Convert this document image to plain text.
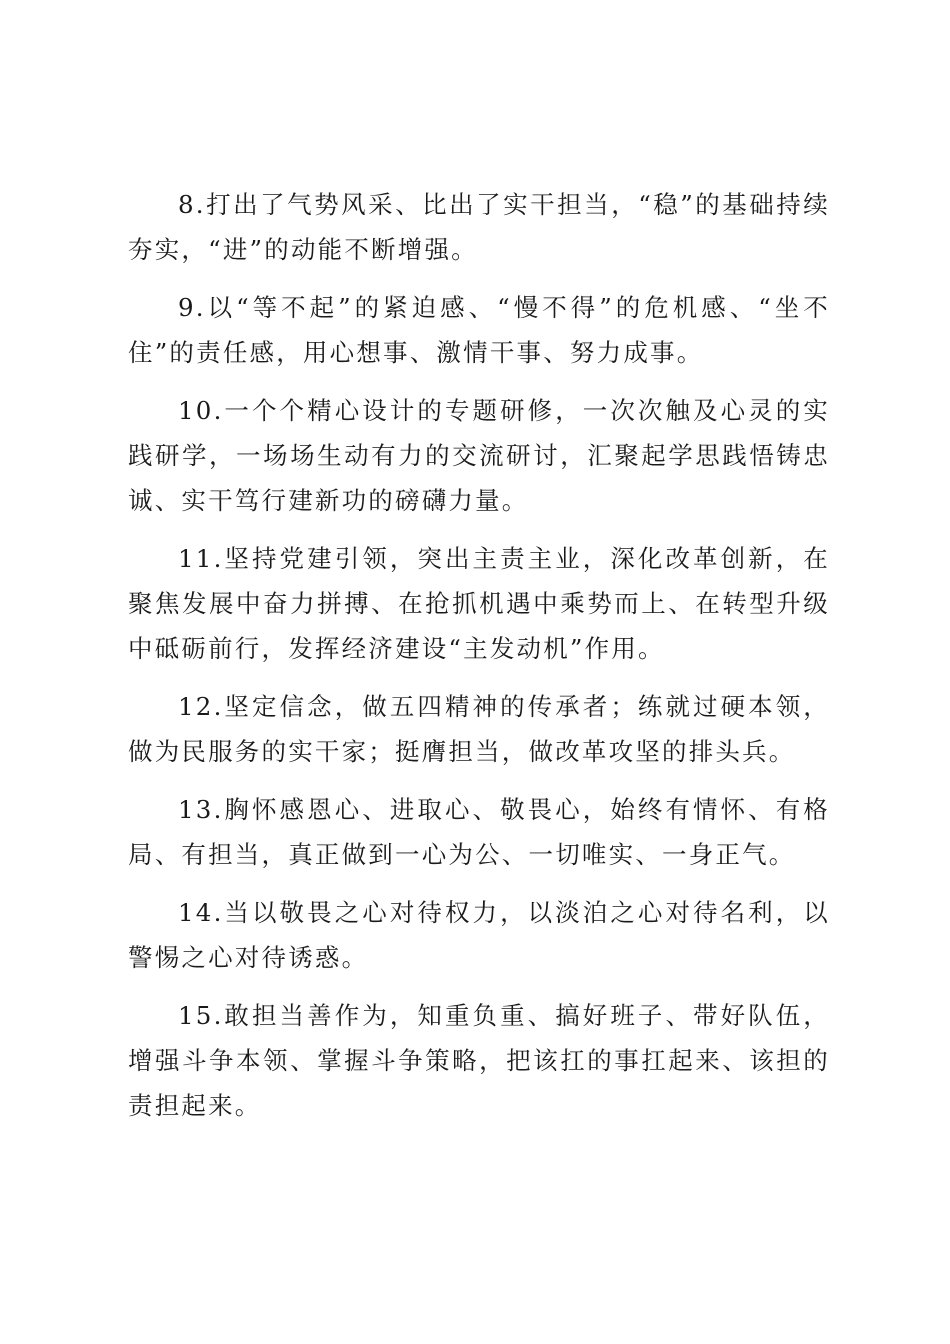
8.打出了气势风采、比出了实干担当，“稳”的基础持续夯实，“进”的动能不断增强。

9.以“等不起”的紧迫感、“慢不得”的危机感、“坐不住”的责任感，用心想事、激情干事、努力成事。

10.一个个精心设计的专题研修，一次次触及心灵的实践研学，一场场生动有力的交流研讨，汇聚起学思践悟铸忠诚、实干笃行建新功的磅礴力量。

11.坚持党建引领，突出主责主业，深化改革创新，在聚焦发展中奋力拼搏、在抢抓机遇中乘势而上、在转型升级中砥砺前行，发挥经济建设“主发动机”作用。

12.坚定信念，做五四精神的传承者；练就过硬本领，做为民服务的实干家；挺膺担当，做改革攻坚的排头兵。

13.胸怀感恩心、进取心、敬畏心，始终有情怀、有格局、有担当，真正做到一心为公、一切唯实、一身正气。

14.当以敬畏之心对待权力，以淡泊之心对待名利，以警惕之心对待诱惑。

15.敢担当善作为，知重负重、搞好班子、带好队伍，增强斗争本领、掌握斗争策略，把该扛的事扛起来、该担的责担起来。
